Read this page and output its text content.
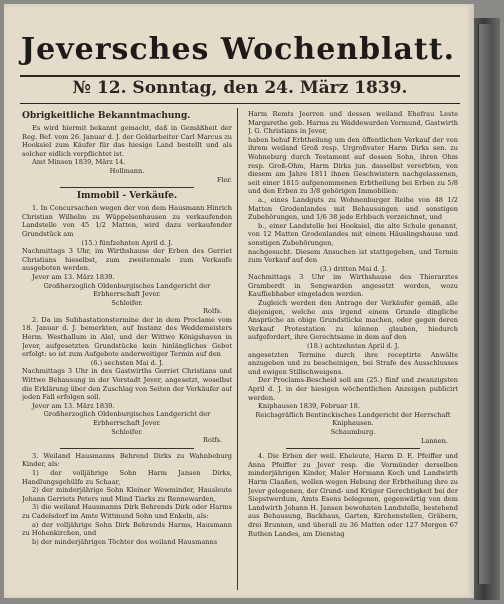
Jeversches Wochenblatt.
№ 12. Sonntag, den 24. März 1839.

Obrigkeitliche Bekanntmachung.

Es wird hiermit bekannt gemacht, daß in Gemäßheit der Reg. Bef. vom 26. Januar d. J. der Goldarbeiter Carl Marcus zu Hooksiel zum Käufer für das hiesige Land bestellt und als solcher eidlich verpflichtet ist.

Amt Minsen 1839, März 14.

Hollmann.

Flor.

Immobil - Verkäufe.

1. In Concursachen wegen der von dem Hausmann Hinrich Christian Wilhelm zu Wüppelsenhausen zu verkaufenden Landstelle von 45 1/2 Matten, wird dazu verkaufender Grundstück am

(15.) fünfzehnten April d. J.

Nachmittags 3 Uhr, im Wirthshause der Erben des Gerriet Christians hieselbst, zum zweitenmale zum Verkaufe ausgeboten werden.

Jever am 13. März 1839.

Großherzoglich Oldenburgisches Landgericht der Erbherrschaft Jever.

Schloifer.

Rolfs.

2. Da im Subhastationstermine der in dem Proclame vom 18. Januar d. J. bemerkten, auf Instanz des Weddemeisters Herm. Westhallum in Alel, und der Wittwe Königshaven in Jever, aufgesetzten Grundstücke kein hinlängliches Gebot erfolgt: so ist zum Aufgebote anderweitiger Termin auf den

(6.) sechsten Mai d. J.

Nachmittags 3 Uhr in des Gastwirths Gerriet Christians und Wittwe Behausung in der Vorstadt Jever, angesetzt, woselbst die Erklärung über den Zuschlag von Seiten der Verkäufer auf jeden Fall erfolgen soll.

Jever am 13. März 1839.

Großherzoglich Oldenburgisches Landgericht der Erbherrschaft Jever.

Schloifer.

Rolfs.

3. Weiland Hausmanns Behrend Dirks zu Wahnbeburg Kinder, als:

1) der volljährige Sohn Harm Jansen Dirks, Handlungsgehülfe zu Schaar,

2) der minderjährige Sohn Kleiner Wewminder, Hausleute Johann Gerriets Peters und Mind Tiarks zu Rennewarden,

3) die weiland Hausmanns Dirk Behrends Dirk oder Harms zu Cadelsdorf im Amte Wittmund Sohn und Enkeln, als:

a) der volljährige Sohn Dirk Behrends Harms, Hausmann zu Hohenkirchen, und

b) der minderjährigen Töchter des weiland Hausmanns

Harm Remts Jeerren und dessen weiland Ehefrau Leste Margarethe geb. Harms zu Waddewarden Vormund, Gastwirth J. G. Christians in Jever,

haben behuf Erbtheilung um den öffentlichen Verkauf der von ihrem weiland Groß resp. Urgroßvater Harm Dirks sen. zu Wohneburg durch Testament auf dessen Sohn, ihren Ohm resp. Groß-Ohm, Harm Dirks jun. dasselbst vererbten, von diesem am Jahre 1811 ihnen Geschwistern nachgelassenen, seit einer 1815 aufgenommenen Erbtheilung bei Erben zu 5/8 und den Erben zu 3/8 gehörigen Immobilien:

a., eines Landguts zu Wohnenburger Reihe von 48 1/2 Matten Grodenlandes mit Behausungen und sonstigen Zubehörungen, und 1/6 38 jede Erbbuch verzeichnet, und

b., einer Landstelle bei Hooksiel, die alte Schule genannt, von 12 Matten Grodenlandes mit einem Häuslingshause und sonstigen Zubehörungen,

nachgesucht. Diesem Ansuchen ist stattgegeben, und Termin zum Verkauf auf den

(3.) dritten Mai d. J.

Nachmittags 3 Uhr im Wirthshause des Thierarztes Gramberdt in Sengwarden angesetzt worden, wozu Kaufliebhaber eingeladen werden.

Zugleich werden den Antrage der Verkäufer gemäß, alle diejenigen, welche aus irgend einem Grunde dingliche Ansprüche an obige Grundstücke machen, oder gegen deren Verkauf Protestation zu können glauben, hiedurch aufgefordert, ihre Gerechtsame in dem auf den

(18.) achtzehnten April d. J.

angesetzten Termine durch ihre receptirte Anwälte anzugeben und zu bescheinigen, bei Strafe des Ausschlusses und ewigen Stillschweigens.

Der Proclams-Bescheid soll am (25.) fünf und zwanzigsten April d. J. in der hiesigen wöchentlichen Anzeigen publicirt werden.

Kniphausen 1839, Februar 18.

Reichsgräflich Bentinckisches Landgericht der Herrschaft Kniphausen.

Schaumburg.

Lannen.

4. Die Erben der weil. Eheleute, Harm D. E. Pfeiffer und Anna Pfeiffer zu Jever resp. die Vormünder derselben minderjährigen Kinder, Maler Hermann Koch und Landwirth Harm Claaßen, wollen wegen Hebung der Erbtheilung ihre zu Jever gelegenen, der Grund- und Krüger Gerechtigkeit bei der Siepstwerdum, Amts Esens belegenen, gegenwärtig von dem Landwirth Johann H. Jansen bewohnten Landstelle, bestehend aus Behausung, Backhaus, Garten, Kirchenstellen, Gräbern, drei Brunnen, und überall zu 36 Matten oder 127 Morgen 67 Ruthen Landes, am Dienstag
